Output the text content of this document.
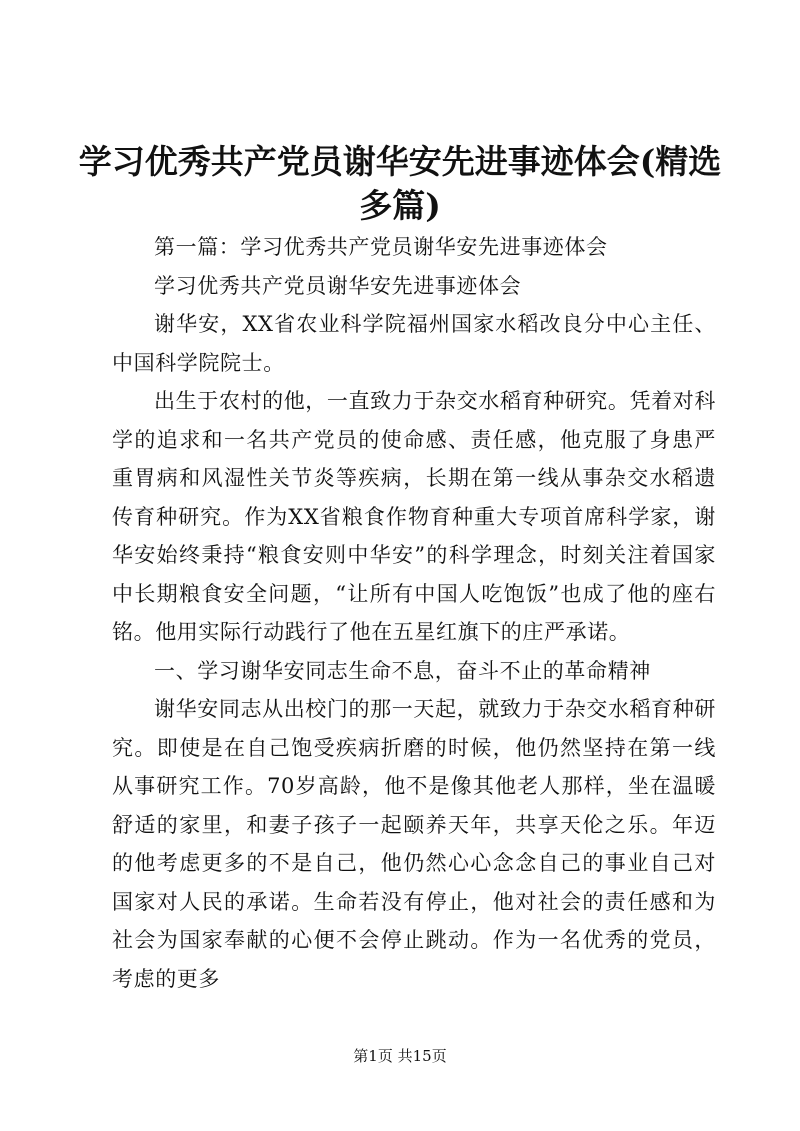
学习优秀共产党员谢华安先进事迹体会(精选
多篇)

第一篇：学习优秀共产党员谢华安先进事迹体会

学习优秀共产党员谢华安先进事迹体会

谢华安，XX省农业科学院福州国家水稻改良分中心主任、中国科学院院士。

出生于农村的他，一直致力于杂交水稻育种研究。凭着对科学的追求和一名共产党员的使命感、责任感，他克服了身患严重胃病和风湿性关节炎等疾病，长期在第一线从事杂交水稻遗传育种研究。作为XX省粮食作物育种重大专项首席科学家，谢华安始终秉持“粮食安则中华安”的科学理念，时刻关注着国家中长期粮食安全问题，“让所有中国人吃饱饭”也成了他的座右铭。他用实际行动践行了他在五星红旗下的庄严承诺。

一、学习谢华安同志生命不息，奋斗不止的革命精神

谢华安同志从出校门的那一天起，就致力于杂交水稻育种研究。即使是在自己饱受疾病折磨的时候，他仍然坚持在第一线从事研究工作。70岁高龄，他不是像其他老人那样，坐在温暖舒适的家里，和妻子孩子一起颐养天年，共享天伦之乐。年迈的他考虑更多的不是自己，他仍然心心念念自己的事业自己对国家对人民的承诺。生命若没有停止，他对社会的责任感和为社会为国家奉献的心便不会停止跳动。作为一名优秀的党员，考虑的更多

第1页 共15页
